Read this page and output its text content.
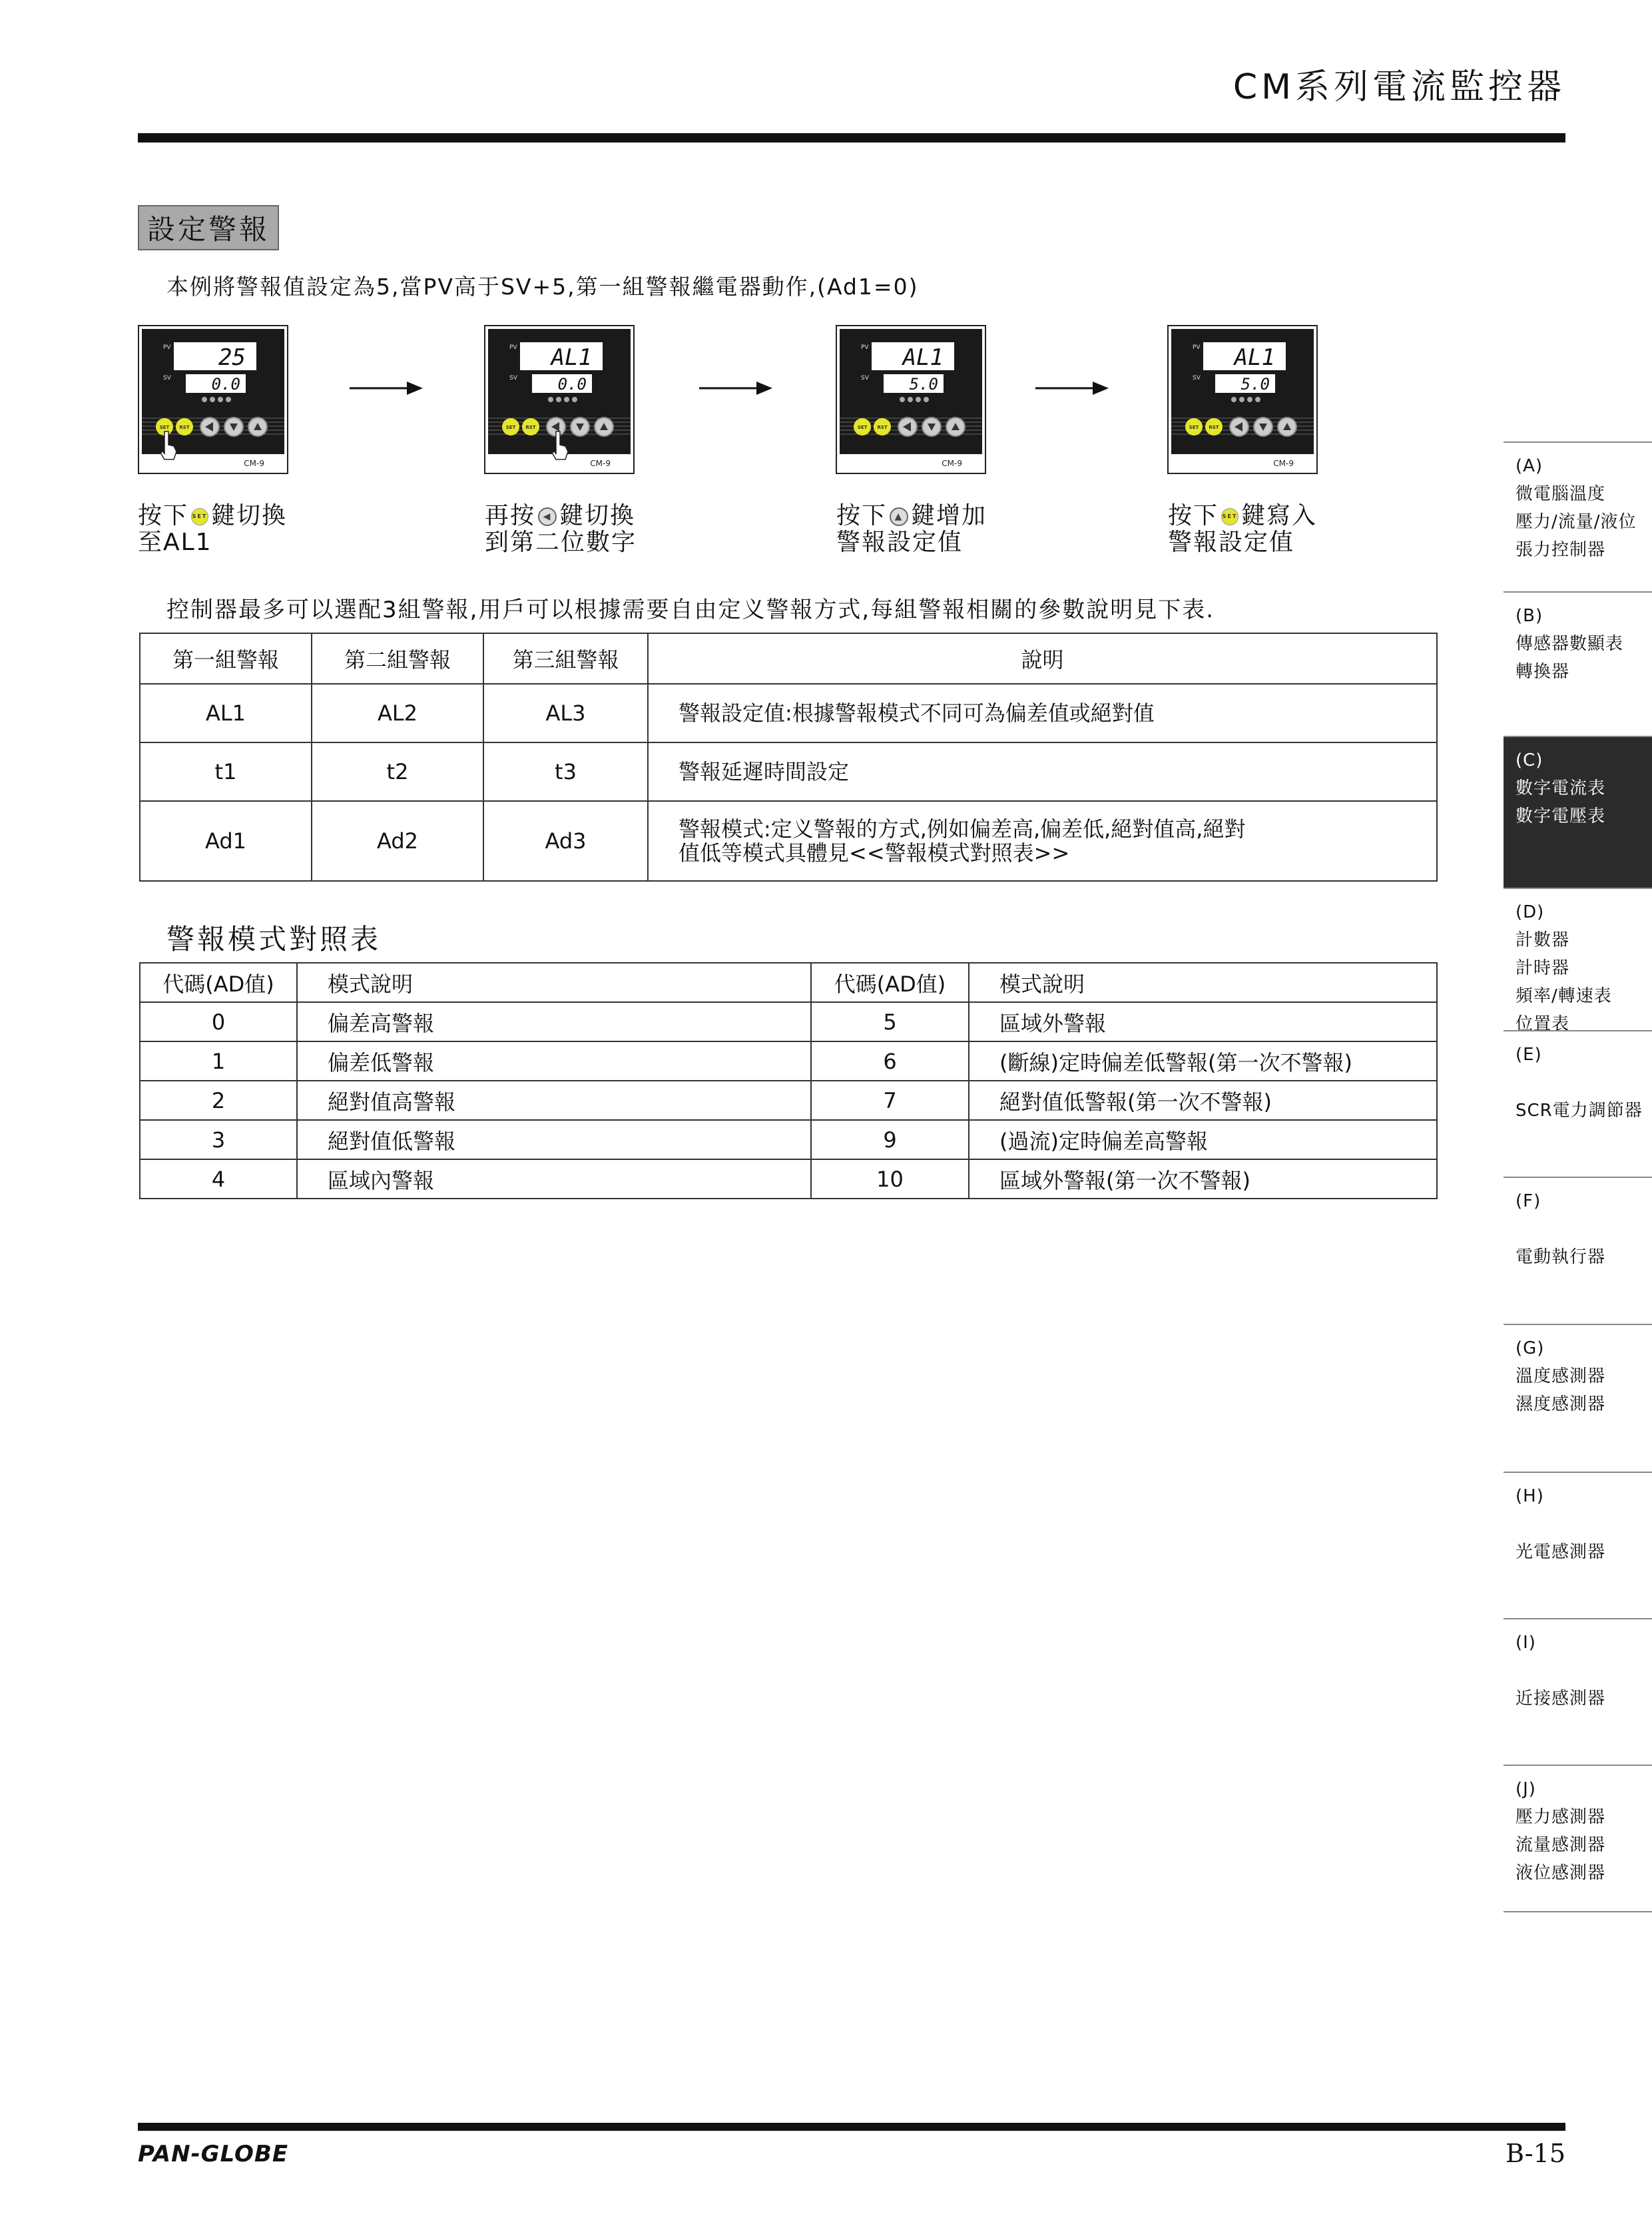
CM系列電流監控器
設定警報
本例將警報值設定為5,當PV高于SV+5,第一組警報繼電器動作,(Ad1=0)
PV 25
SV	0.0
SET RST
CM-9
PV AL1
SV	0.0
SET RST
CM-9
PV AL1
SV	5.0
SET RST
CM-9
PV AL1
SV	5.0
SET RST
CM-9
按下 SET 鍵切換
至AL1
再按 ◀ 鍵切換
到第二位數字
按下 ▲ 鍵增加
警報設定值
按下 SET 鍵寫入
警報設定值
控制器最多可以選配3組警報,用戶可以根據需要自由定义警報方式,每組警報相關的參數說明見下表.
第一組警報	第二組警報	第三組警報	說明
AL1	AL2	AL3	警報設定值:根據警報模式不同可為偏差值或絕對值
t1	t2	t3	警報延遲時間設定
Ad1	Ad2	Ad3	警報模式:定义警報的方式,例如偏差高,偏差低,絕對值高,絕對值低等模式具體見<<警報模式對照表>>
警報模式對照表
代碼(AD值)	模式說明	代碼(AD值)	模式說明
0	偏差高警報	5	區域外警報
1	偏差低警報	6	(斷線)定時偏差低警報(第一次不警報)
2	絕對值高警報	7	絕對值低警報(第一次不警報)
3	絕對值低警報	9	(過流)定時偏差高警報
4	區域內警報	10	區域外警報(第一次不警報)
(A)
微電腦溫度
壓力/流量/液位
張力控制器
(B)
傳感器數顯表
轉換器
(C)
數字電流表
數字電壓表
(D)
計數器
計時器
頻率/轉速表
位置表
(E)
SCR電力調節器
(F)
電動執行器
(G)
溫度感測器
濕度感測器
(H)
光電感測器
(I)
近接感測器
(J)
壓力感測器
流量感測器
液位感測器
PAN-GLOBE	B-15
